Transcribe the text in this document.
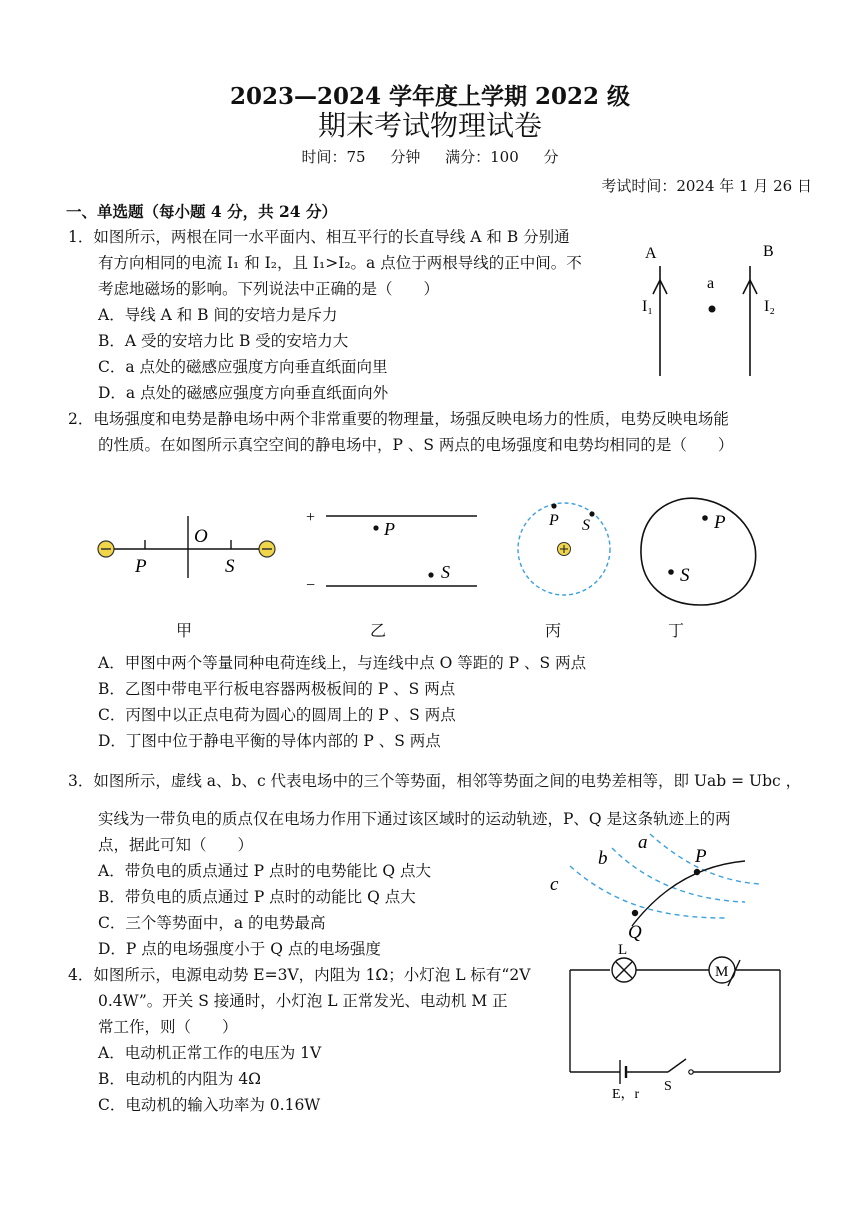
2023—2024 学年度上学期 2022 级
期末考试物理试卷
时间：75 分钟 满分：100 分
考试时间：2024 年 1 月 26 日
一、单选题（每小题 4 分，共 24 分）
1．如图所示，两根在同一水平面内、相互平行的长直导线 A 和 B 分别通
有方向相同的电流 I₁ 和 I₂，且 I₁>I₂。a 点位于两根导线的正中间。不
考虑地磁场的影响。下列说法中正确的是（　　）
A．导线 A 和 B 间的安培力是斥力
B．A 受的安培力比 B 受的安培力大
C．a 点处的磁感应强度方向垂直纸面向里
D．a 点处的磁感应强度方向垂直纸面向外
A	B
a
I₁	I₂
2．电场强度和电势是静电场中两个非常重要的物理量，场强反映电场力的性质，电势反映电场能
的性质。在如图所示真空空间的静电场中，P 、S 两点的电场强度和电势均相同的是（　　）
O
P	S
+
−
P
S
P S	P
S
甲	乙	丙	丁
A．甲图中两个等量同种电荷连线上，与连线中点 O 等距的 P 、S 两点
B．乙图中带电平行板电容器两极板间的 P 、S 两点
C．丙图中以正点电荷为圆心的圆周上的 P 、S 两点
D．丁图中位于静电平衡的导体内部的 P 、S 两点
3．如图所示，虚线 a、b、c 代表电场中的三个等势面，相邻等势面之间的电势差相等，即 Uab = Ubc ，
实线为一带负电的质点仅在电场力作用下通过该区域时的运动轨迹，P、Q 是这条轨迹上的两
点，据此可知（　　）
A．带负电的质点通过 P 点时的电势能比 Q 点大
B．带负电的质点通过 P 点时的动能比 Q 点大
C．三个等势面中，a 的电势最高
D．P 点的电场强度小于 Q 点的电场强度
a
b
c
P
Q
4．如图所示，电源电动势 E=3V，内阻为 1Ω；小灯泡 L 标有“2V
0.4W”。开关 S 接通时，小灯泡 L 正常发光、电动机 M 正
常工作，则（　　）
A．电动机正常工作的电压为 1V
B．电动机的内阻为 4Ω
C．电动机的输入功率为 0.16W
M
L
S
E，r
